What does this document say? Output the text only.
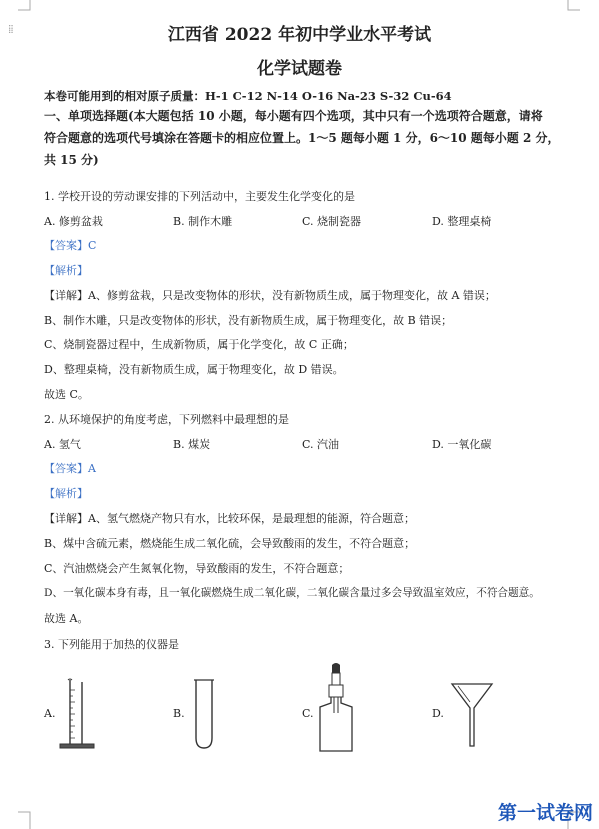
⁞⁞	江西省 2022 年初中学业水平考试
化学试题卷
本卷可能用到的相对原子质量：H-1 C-12 N-14 O-16 Na-23 S-32 Cu-64
一、单项选择题(本大题包括 10 小题，每小题有四个选项，其中只有一个选项符合题意，请将
符合题意的选项代号填涂在答题卡的相应位置上。1～5 题每小题 1 分，6～10 题每小题 2 分，
共 15 分)
1. 学校开设的劳动课安排的下列活动中，主要发生化学变化的是
A. 修剪盆栽	B. 制作木雕	C. 烧制瓷器	D. 整理桌椅
【答案】C
【解析】
【详解】A、修剪盆栽，只是改变物体的形状，没有新物质生成，属于物理变化，故 A 错误；
B、制作木雕，只是改变物体的形状，没有新物质生成，属于物理变化，故 B 错误；
C、烧制瓷器过程中，生成新物质，属于化学变化，故 C 正确；
D、整理桌椅，没有新物质生成，属于物理变化，故 D 错误。
故选 C。
2. 从环境保护的角度考虑，下列燃料中最理想的是
A. 氢气	B. 煤炭	C. 汽油	D. 一氧化碳
【答案】A
【解析】
【详解】A、氢气燃烧产物只有水，比较环保，是最理想的能源，符合题意；
B、煤中含硫元素，燃烧能生成二氧化硫，会导致酸雨的发生，不符合题意；
C、汽油燃烧会产生氮氧化物，导致酸雨的发生，不符合题意；
D、一氧化碳本身有毒，且一氧化碳燃烧生成二氧化碳，二氧化碳含量过多会导致温室效应，不符合题意。
故选 A。
3. 下列能用于加热的仪器是
A.	B.	C.	D.
第一试卷网
